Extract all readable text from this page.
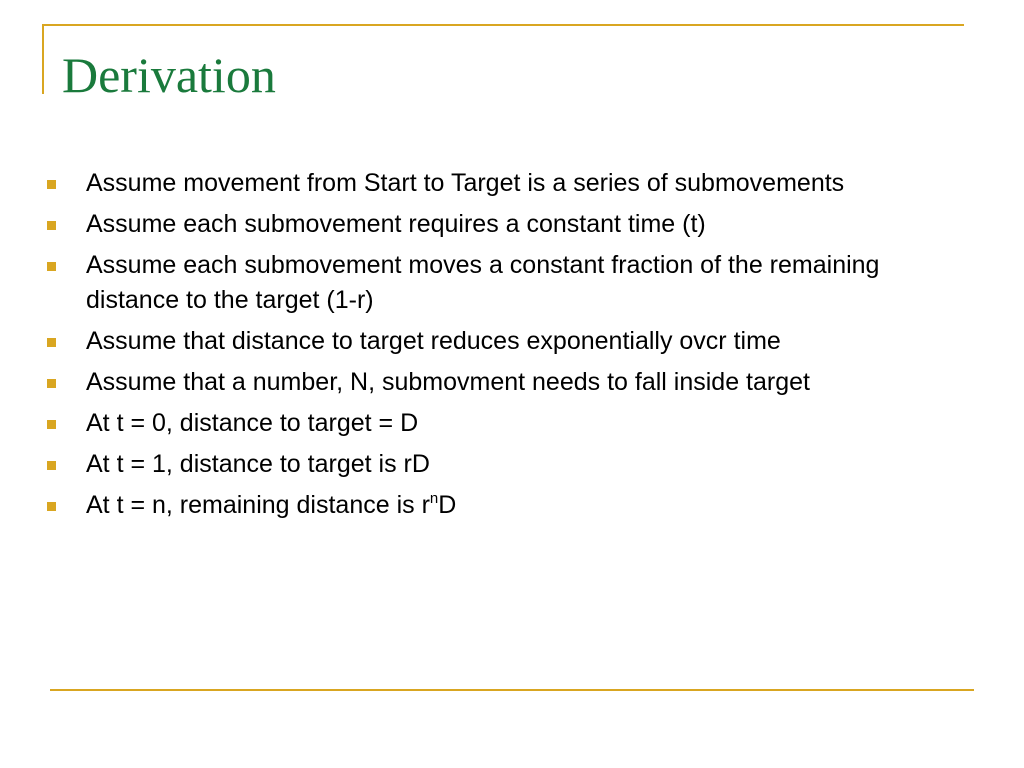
Derivation
Assume movement from Start to Target is a series of submovements
Assume each submovement requires a constant time (t)
Assume each submovement moves a constant fraction of the remaining distance to the target (1-r)
Assume that distance to target reduces exponentially ovcr time
Assume that a number, N, submovment needs to fall inside target
At t = 0, distance to target = D
At t = 1, distance to target is rD
At t = n, remaining distance is $r^nD$
